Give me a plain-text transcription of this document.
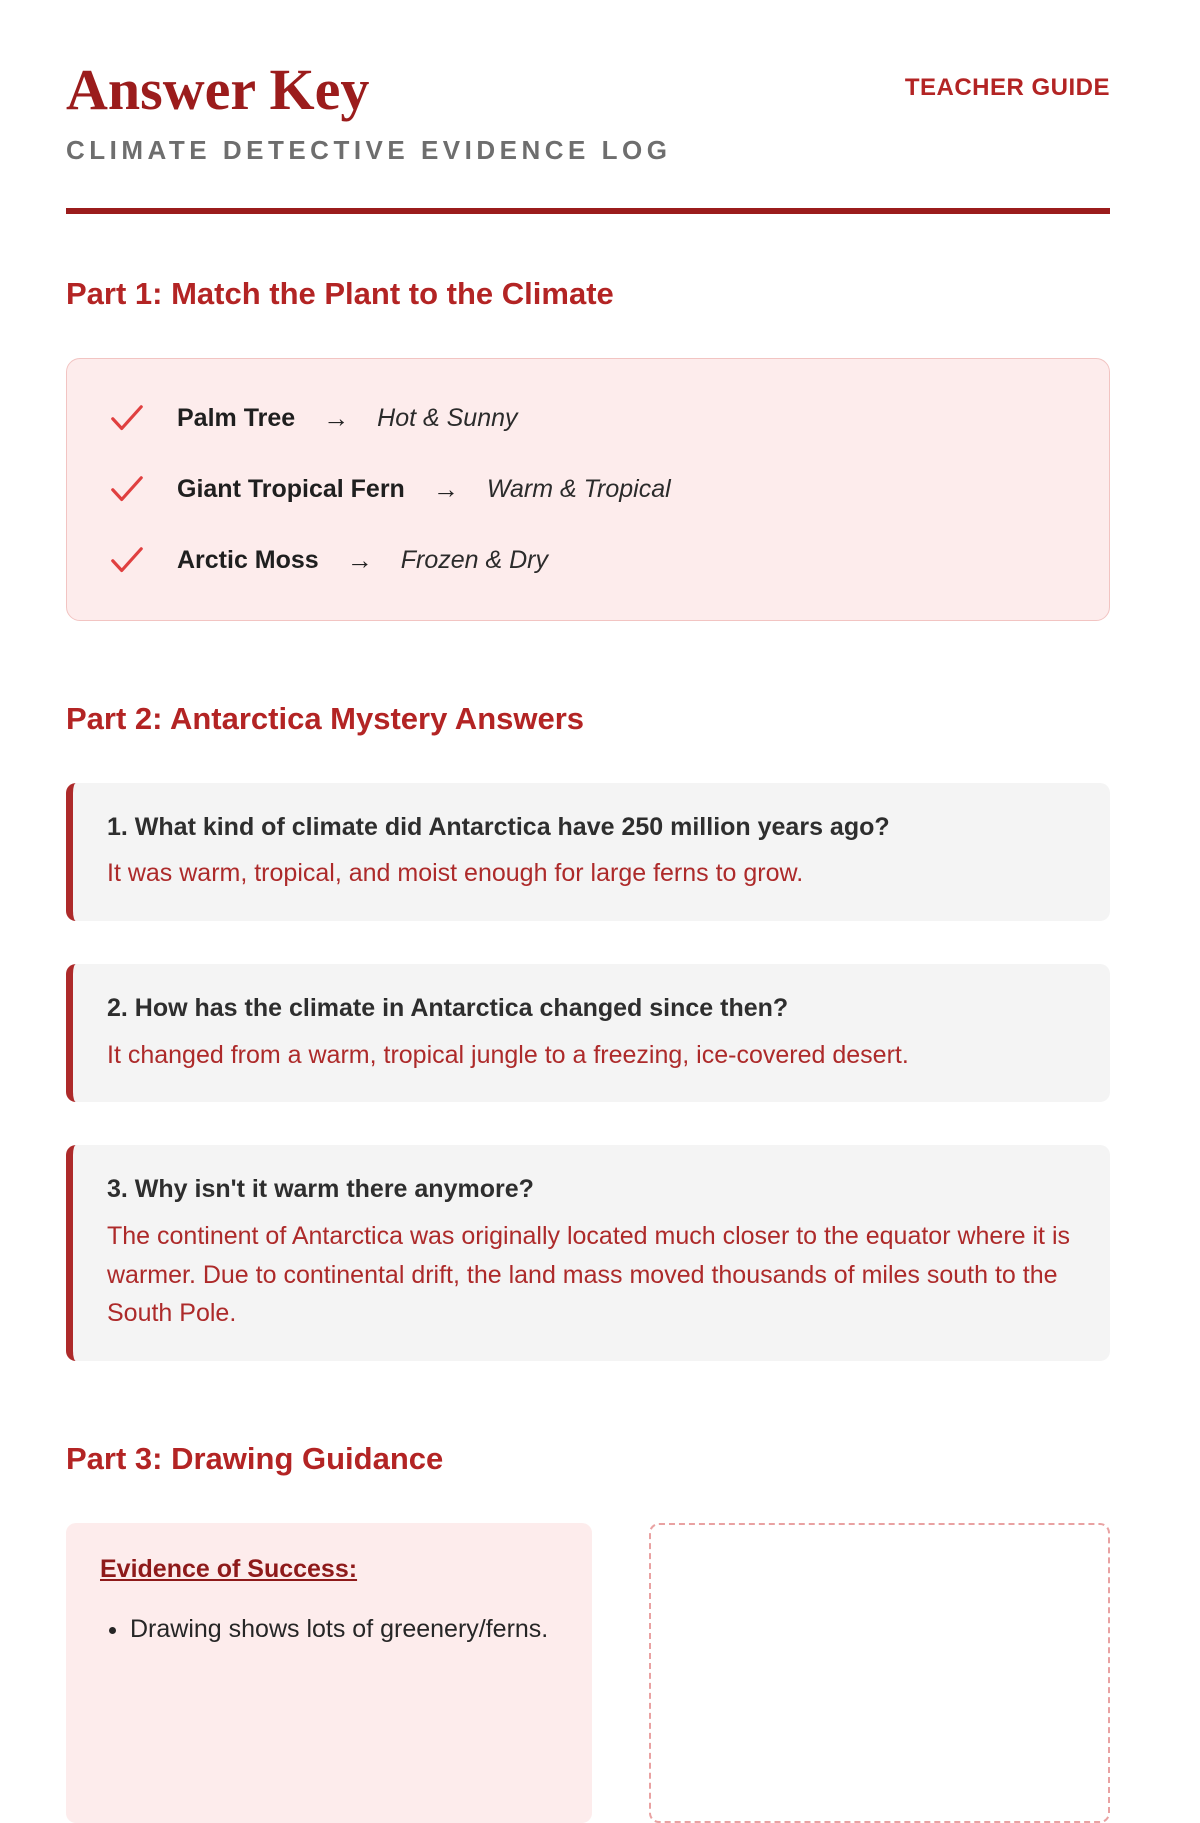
Answer Key	TEACHER GUIDE
CLIMATE DETECTIVE EVIDENCE LOG
Part 1: Match the Plant to the Climate
Palm Tree → Hot & Sunny
Giant Tropical Fern → Warm & Tropical
Arctic Moss → Frozen & Dry
Part 2: Antarctica Mystery Answers
1. What kind of climate did Antarctica have 250 million years ago?
It was warm, tropical, and moist enough for large ferns to grow.
2. How has the climate in Antarctica changed since then?
It changed from a warm, tropical jungle to a freezing, ice-covered desert.
3. Why isn't it warm there anymore?
The continent of Antarctica was originally located much closer to the equator where it is warmer. Due to continental drift, the land mass moved thousands of miles south to the South Pole.
Part 3: Drawing Guidance
Evidence of Success:
• Drawing shows lots of greenery/ferns.
